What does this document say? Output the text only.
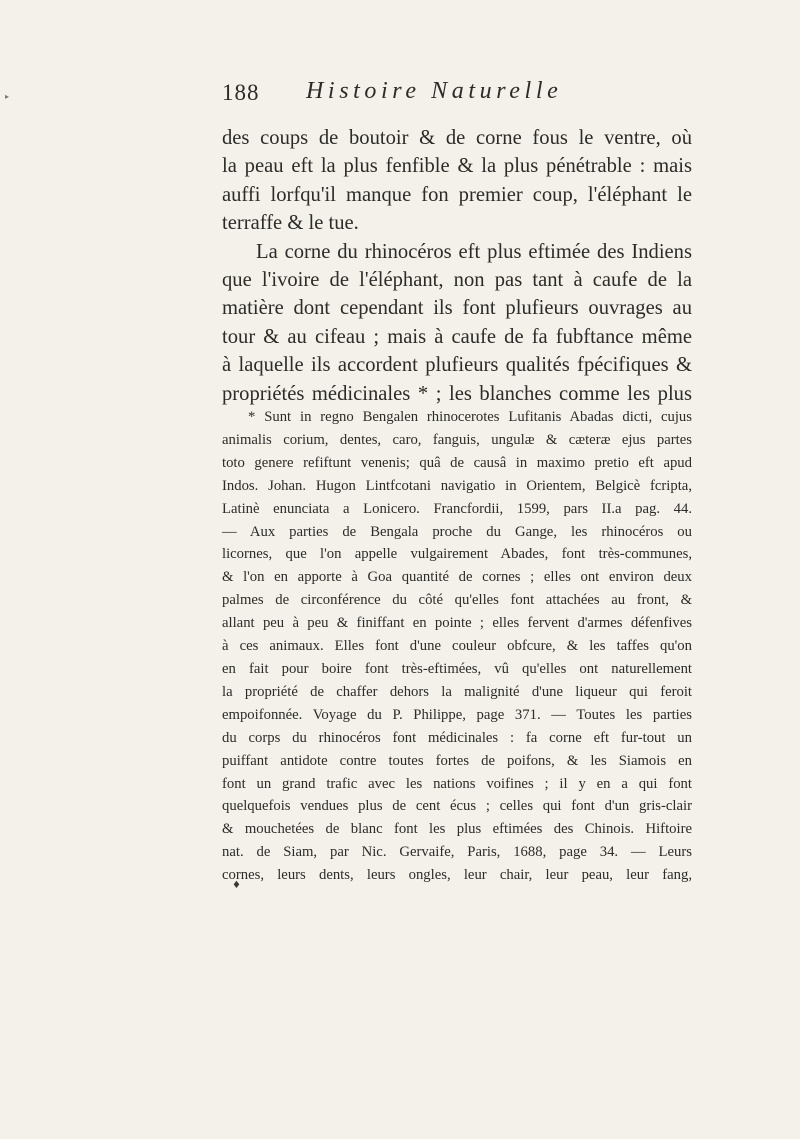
▸	188 Histoire Naturelle
des coups de boutoir & de corne fous le ventre, où
la peau eft la plus fenfible & la plus pénétrable : mais
auffi lorfqu'il manque fon premier coup, l'éléphant le
terraffe & le tue.
La corne du rhinocéros eft plus eftimée des Indiens
que l'ivoire de l'éléphant, non pas tant à caufe de la
matière dont cependant ils font plufieurs ouvrages au
tour & au cifeau ; mais à caufe de fa fubftance même
à laquelle ils accordent plufieurs qualités fpécifiques &
propriétés médicinales * ; les blanches comme les plus
* Sunt in regno Bengalen rhinocerotes Lufitanis Abadas dicti, cujus
animalis corium, dentes, caro, fanguis, ungulæ & cæteræ ejus partes
toto genere refiftunt venenis; quâ de causâ in maximo pretio eft apud
Indos. Johan. Hugon Lintfcotani navigatio in Orientem, Belgicè fcripta,
Latinè enunciata a Lonicero. Francfordii, 1599, pars II.a pag. 44.
— Aux parties de Bengala proche du Gange, les rhinocéros ou
licornes, que l'on appelle vulgairement Abades, font très-communes,
& l'on en apporte à Goa quantité de cornes ; elles ont environ deux
palmes de circonférence du côté qu'elles font attachées au front, &
allant peu à peu & finiffant en pointe ; elles fervent d'armes défenfives
à ces animaux. Elles font d'une couleur obfcure, & les taffes qu'on
en fait pour boire font très-eftimées, vû qu'elles ont naturellement
la propriété de chaffer dehors la malignité d'une liqueur qui feroit
empoifonnée. Voyage du P. Philippe, page 371. — Toutes les parties
du corps du rhinocéros font médicinales : fa corne eft fur-tout un
puiffant antidote contre toutes fortes de poifons, & les Siamois en
font un grand trafic avec les nations voifines ; il y en a qui font
quelquefois vendues plus de cent écus ; celles qui font d'un gris-clair
& mouchetées de blanc font les plus eftimées des Chinois. Hiftoire
nat. de Siam, par Nic. Gervaife, Paris, 1688, page 34. — Leurs
cornes, leurs dents, leurs ongles, leur chair, leur peau, leur fang,
♦
